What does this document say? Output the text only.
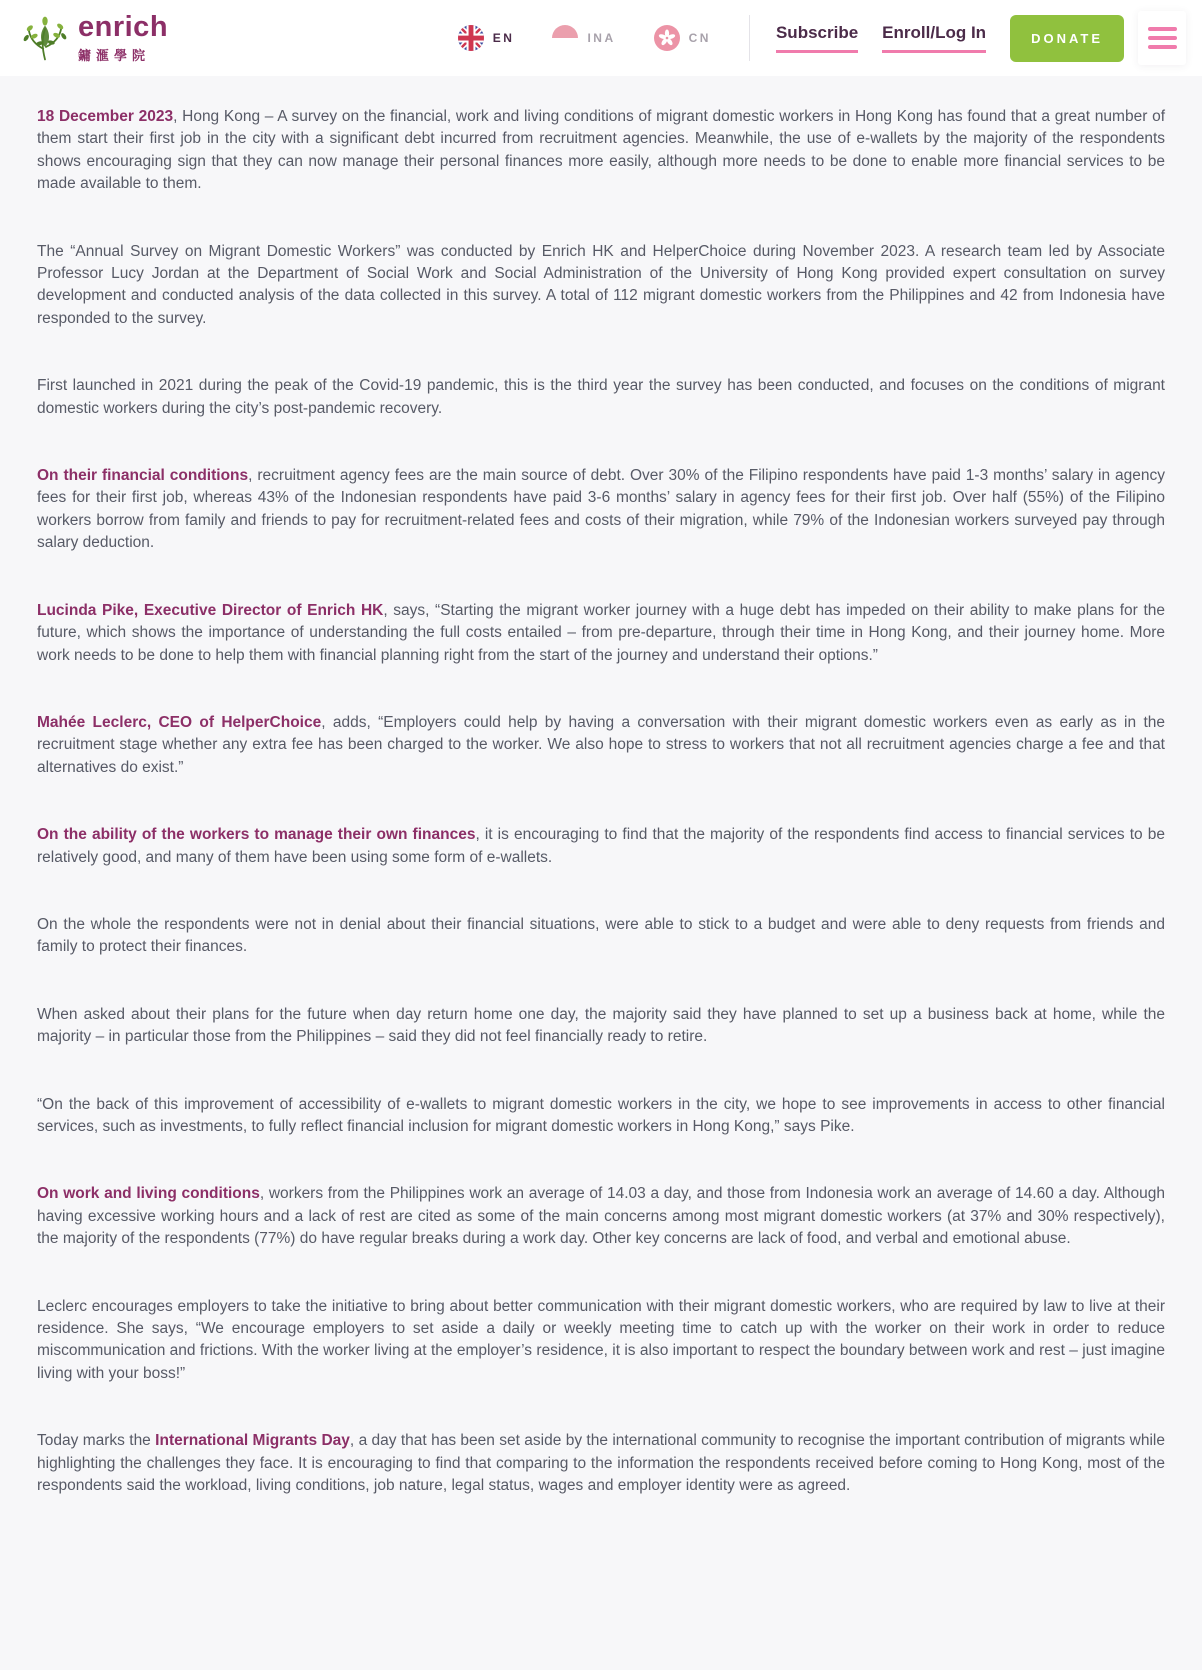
enrich
鏞滙學院
EN	INA	CN	Subscribe Enroll/Log In	DONATE

18 December 2023, Hong Kong – A survey on the financial, work and living conditions of migrant domestic workers in Hong Kong has found that a great number of them start their first job in the city with a significant debt incurred from recruitment agencies. Meanwhile, the use of e-wallets by the majority of the respondents shows encouraging sign that they can now manage their personal finances more easily, although more needs to be done to enable more financial services to be made available to them.

The “Annual Survey on Migrant Domestic Workers” was conducted by Enrich HK and HelperChoice during November 2023. A research team led by Associate Professor Lucy Jordan at the Department of Social Work and Social Administration of the University of Hong Kong provided expert consultation on survey development and conducted analysis of the data collected in this survey. A total of 112 migrant domestic workers from the Philippines and 42 from Indonesia have responded to the survey.

First launched in 2021 during the peak of the Covid-19 pandemic, this is the third year the survey has been conducted, and focuses on the conditions of migrant domestic workers during the city’s post-pandemic recovery.

On their financial conditions, recruitment agency fees are the main source of debt. Over 30% of the Filipino respondents have paid 1-3 months’ salary in agency fees for their first job, whereas 43% of the Indonesian respondents have paid 3-6 months’ salary in agency fees for their first job. Over half (55%) of the Filipino workers borrow from family and friends to pay for recruitment-related fees and costs of their migration, while 79% of the Indonesian workers surveyed pay through salary deduction.

Lucinda Pike, Executive Director of Enrich HK, says, “Starting the migrant worker journey with a huge debt has impeded on their ability to make plans for the future, which shows the importance of understanding the full costs entailed – from pre-departure, through their time in Hong Kong, and their journey home. More work needs to be done to help them with financial planning right from the start of the journey and understand their options.”

Mahée Leclerc, CEO of HelperChoice, adds, “Employers could help by having a conversation with their migrant domestic workers even as early as in the recruitment stage whether any extra fee has been charged to the worker. We also hope to stress to workers that not all recruitment agencies charge a fee and that alternatives do exist.”

On the ability of the workers to manage their own finances, it is encouraging to find that the majority of the respondents find access to financial services to be relatively good, and many of them have been using some form of e-wallets.

On the whole the respondents were not in denial about their financial situations, were able to stick to a budget and were able to deny requests from friends and family to protect their finances.

When asked about their plans for the future when day return home one day, the majority said they have planned to set up a business back at home, while the majority – in particular those from the Philippines – said they did not feel financially ready to retire.

“On the back of this improvement of accessibility of e-wallets to migrant domestic workers in the city, we hope to see improvements in access to other financial services, such as investments, to fully reflect financial inclusion for migrant domestic workers in Hong Kong,” says Pike.

On work and living conditions, workers from the Philippines work an average of 14.03 a day, and those from Indonesia work an average of 14.60 a day. Although having excessive working hours and a lack of rest are cited as some of the main concerns among most migrant domestic workers (at 37% and 30% respectively), the majority of the respondents (77%) do have regular breaks during a work day. Other key concerns are lack of food, and verbal and emotional abuse.

Leclerc encourages employers to take the initiative to bring about better communication with their migrant domestic workers, who are required by law to live at their residence. She says, “We encourage employers to set aside a daily or weekly meeting time to catch up with the worker on their work in order to reduce miscommunication and frictions. With the worker living at the employer’s residence, it is also important to respect the boundary between work and rest – just imagine living with your boss!”

Today marks the International Migrants Day, a day that has been set aside by the international community to recognise the important contribution of migrants while highlighting the challenges they face. It is encouraging to find that comparing to the information the respondents received before coming to Hong Kong, most of the respondents said the workload, living conditions, job nature, legal status, wages and employer identity were as agreed.
